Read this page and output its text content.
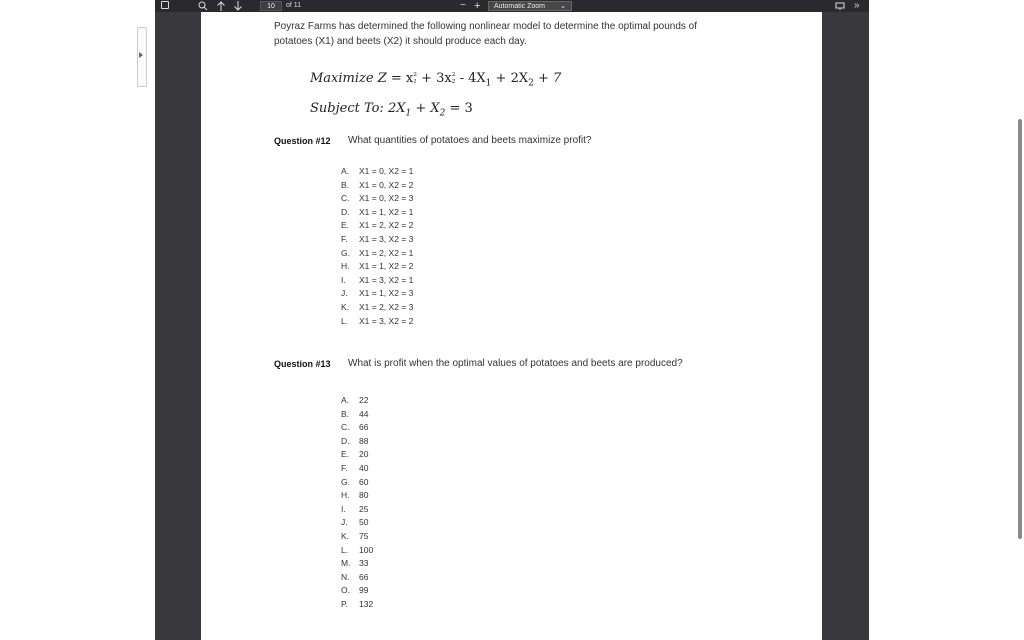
10	of 11	− +	Automatic Zoom ⌄	»
Poyraz Farms has determined the following nonlinear model to determine the optimal pounds of
potatoes (X1) and beets (X2) it should produce each day.
Maximize Z = x 2
1 + 3x 2
$2 - 4X_1 + 2X_2 + 7$
Subject To: $2X_1 + X_2 = 3$
Question #12 What quantities of potatoes and beets maximize profit?
A. X1 = 0, X2 = 1
B. X1 = 0, X2 = 2
C. X1 = 0, X2 = 3
D. X1 = 1, X2 = 1
E. X1 = 2, X2 = 2
F. X1 = 3, X2 = 3
G. X1 = 2, X2 = 1
H. X1 = 1, X2 = 2
I. X1 = 3, X2 = 1
J. X1 = 1, X2 = 3
K. X1 = 2, X2 = 3
L. X1 = 3, X2 = 2
Question #13 What is profit when the optimal values of potatoes and beets are produced?
A. 22
B. 44
C. 66
D. 88
E. 20
F. 40
G. 60
H. 80
I. 25
J. 50
K. 75
L. 100
M. 33
N. 66
O. 99
P. 132
